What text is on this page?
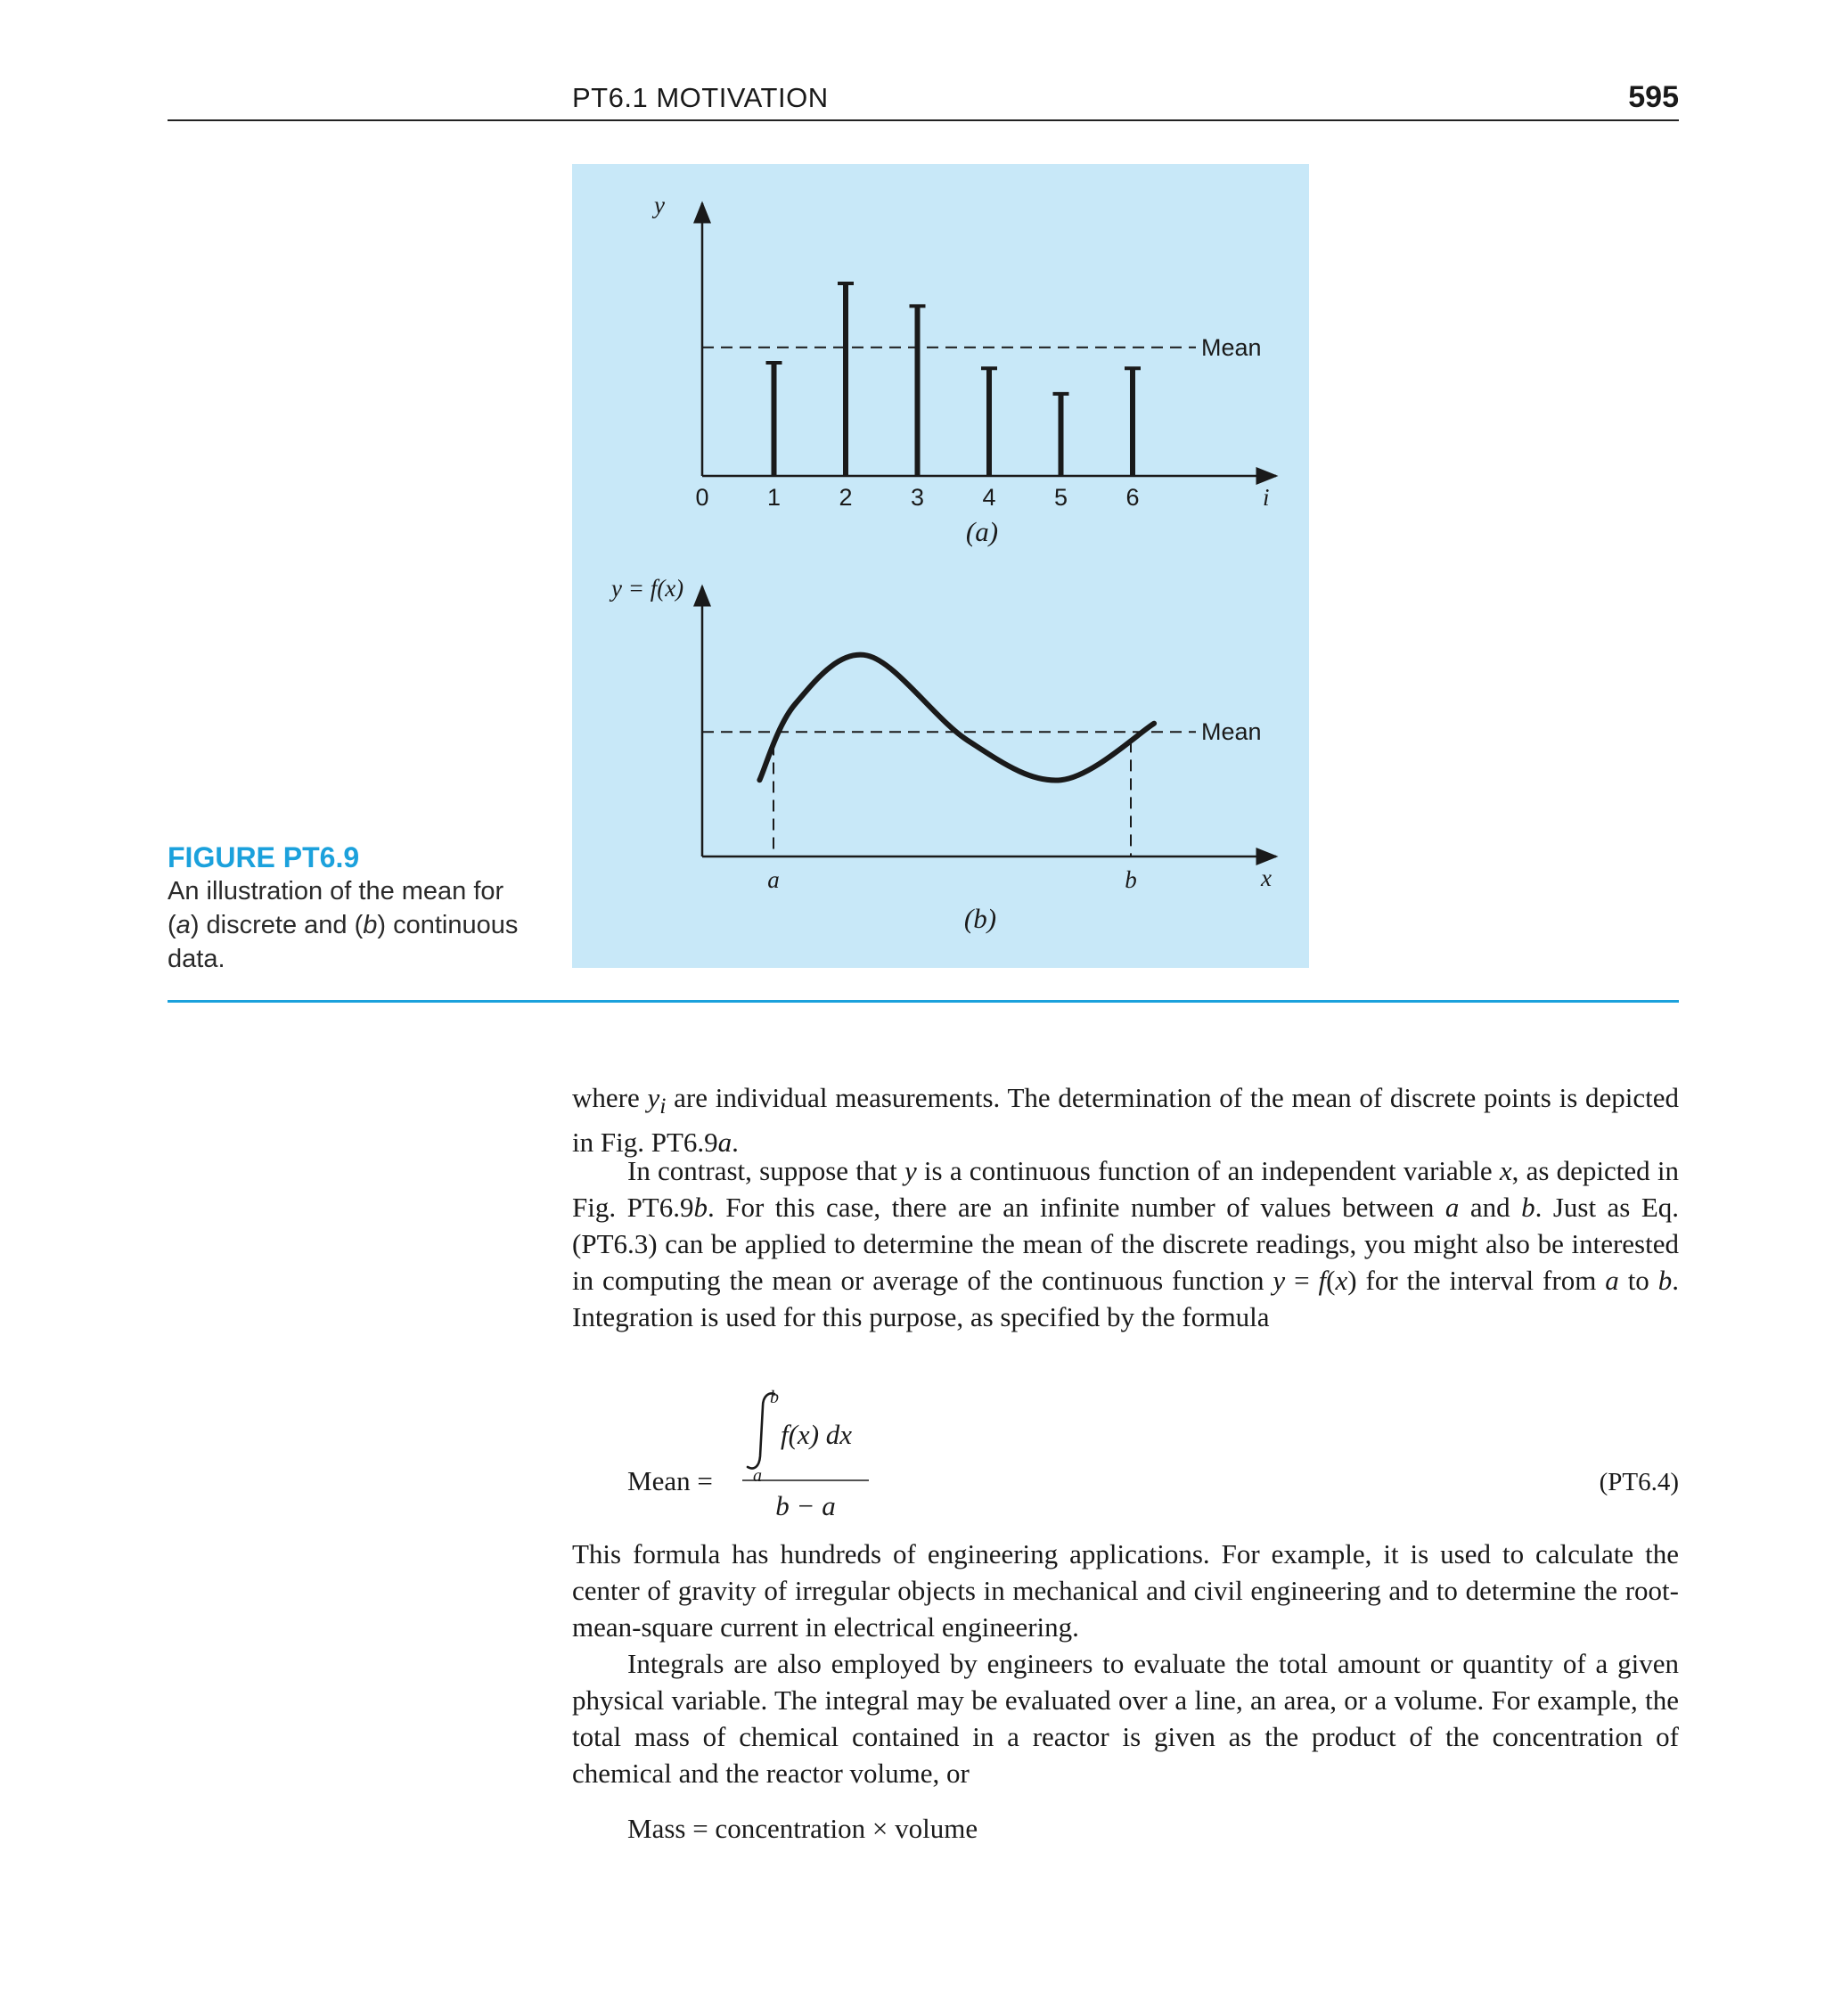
PT6.1 MOTIVATION	595
y
i
Mean
0 1 2 3 4 5 6
(a)
y = f(x)
x
Mean
a	b
(b)
FIGURE PT6.9
An illustration of the mean for (a) discrete and (b) continuous data.

where $y_i$ are individual measurements. The determination of the mean of discrete points is depicted in Fig. PT6.9a.

In contrast, suppose that y is a continuous function of an independent variable x, as depicted in Fig. PT6.9b. For this case, there are an infinite number of values between a and b. Just as Eq. (PT6.3) can be applied to determine the mean of the discrete readings, you might also be interested in computing the mean or average of the continuous function y = f(x) for the interval from a to b. Integration is used for this purpose, as specified by the formula

Mean =
b
a
f(x) dx
b − a
(PT6.4)

This formula has hundreds of engineering applications. For example, it is used to calculate the center of gravity of irregular objects in mechanical and civil engineering and to determine the root-mean-square current in electrical engineering.

Integrals are also employed by engineers to evaluate the total amount or quantity of a given physical variable. The integral may be evaluated over a line, an area, or a volume. For example, the total mass of chemical contained in a reactor is given as the product of the concentration of chemical and the reactor volume, or

Mass = concentration × volume
